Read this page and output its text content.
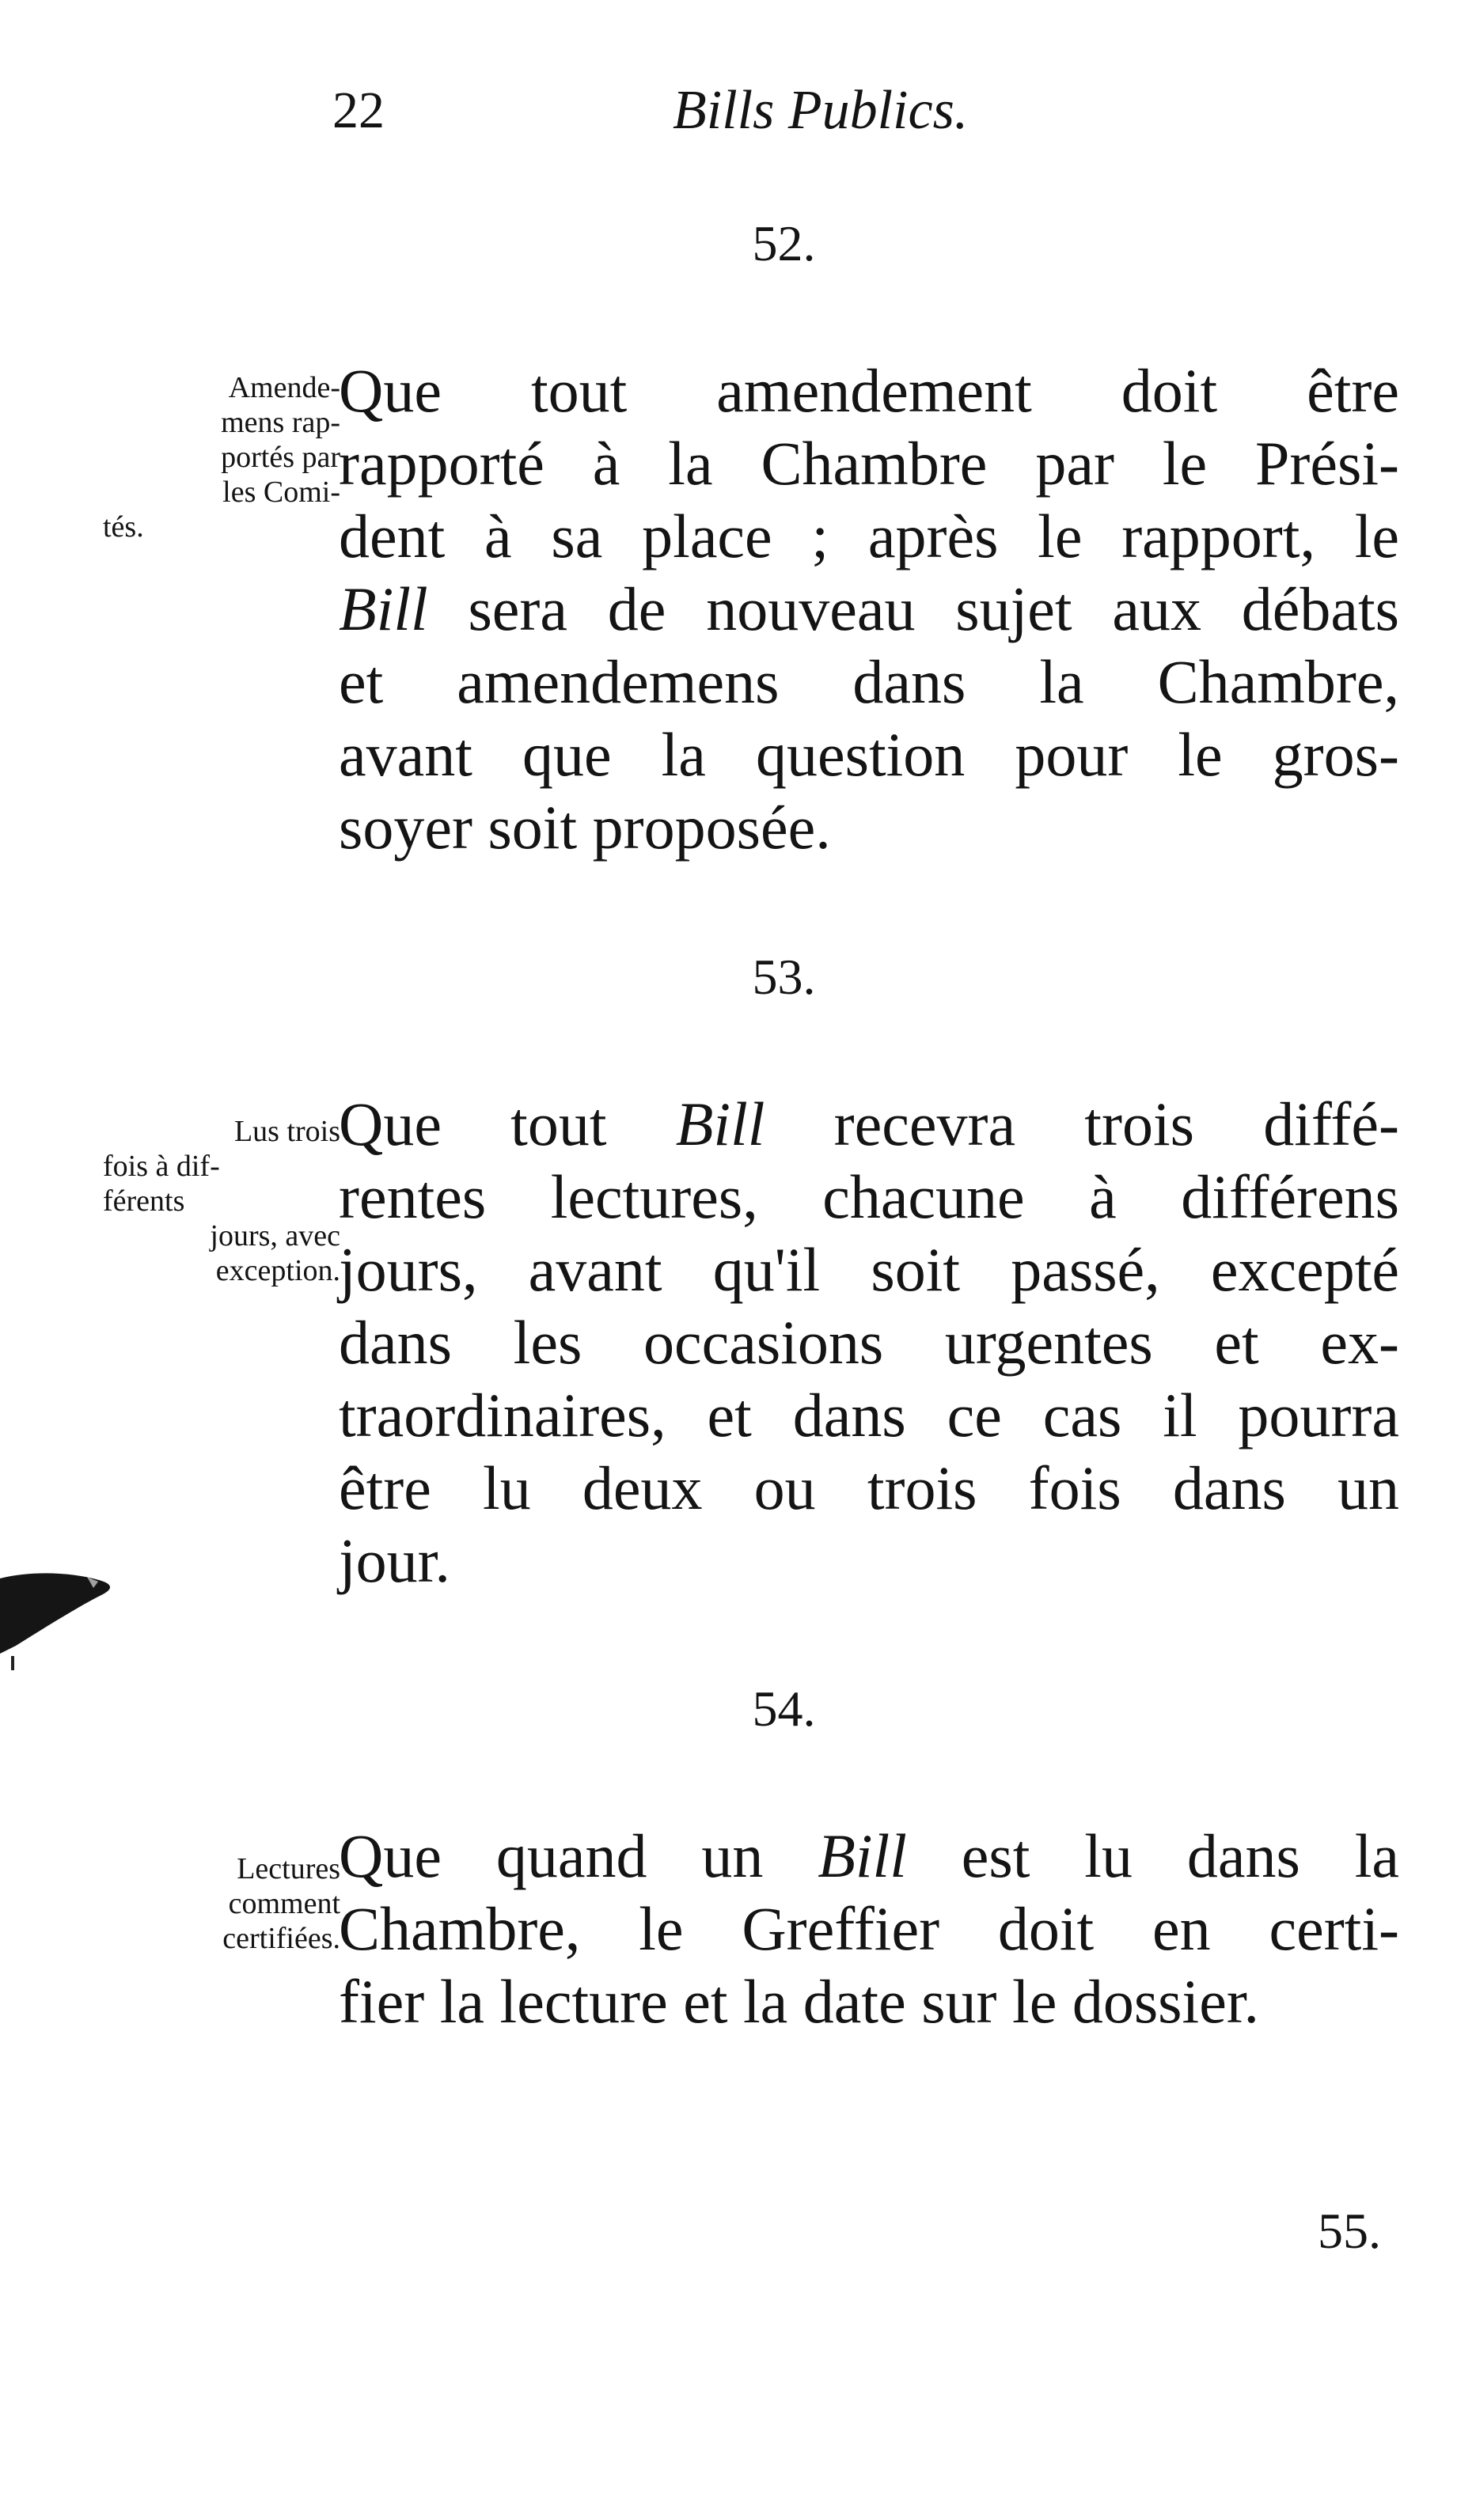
22	Bills Publics.
52.
Amende-
mens rap-
portés par
les Comi-
tés.
Que tout amendement doit être
rapporté à la Chambre par le Prési-
dent à sa place ; après le rapport, le
Bill sera de nouveau sujet aux débats
et amendemens dans la Chambre,
avant que la question pour le gros-
soyer soit proposée.
53.
Lus trois
fois à dif-
férents
jours, avec
exception.
Que tout Bill recevra trois diffé-
rentes lectures, chacune à différens
jours, avant qu'il soit passé, excepté
dans les occasions urgentes et ex-
traordinaires, et dans ce cas il pourra
être lu deux ou trois fois dans un
jour.
54.
Lectures
comment
certifiées.
Que quand un Bill est lu dans la
Chambre, le Greffier doit en certi-
fier la lecture et la date sur le dossier.
55.
